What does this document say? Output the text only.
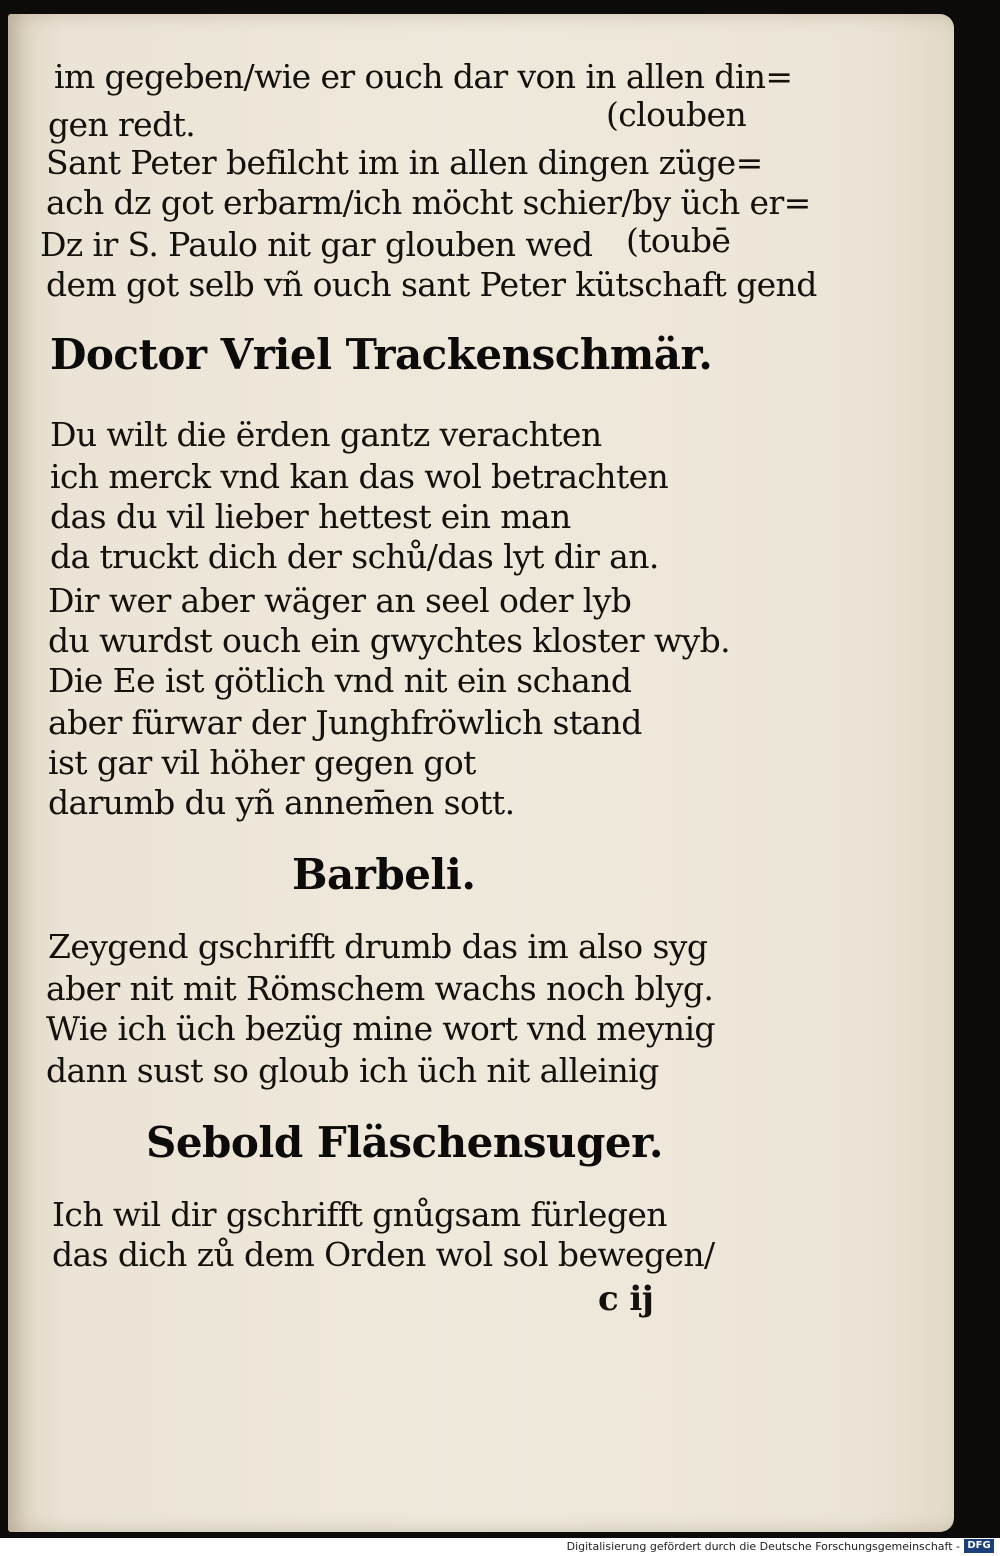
im gegeben/wie er ouch dar von in allen din=
gen redt.	(clouben
Sant Peter befilcht im in allen dingen züge=
ach dz got erbarm/ich möcht schier/by üch er=
Dz ir S. Paulo nit gar glouben wed (toubē
dem got selb vñ ouch sant Peter kütschaft gend
Doctor Vriel Trackenschmär.
Du wilt die ërden gantz verachten
ich merck vnd kan das wol betrachten
das du vil lieber hettest ein man
da truckt dich der schů/das lyt dir an.
Dir wer aber wäger an seel oder lyb
du wurdst ouch ein gwychtes kloster wyb.
Die Ee ist götlich vnd nit ein schand
aber fürwar der Junghfröwlich stand
ist gar vil höher gegen got
darumb du yñ annem̄en sott.
Barbeli.
Zeygend gschrifft drumb das im also syg
aber nit mit Römschem wachs noch blyg.
Wie ich üch bezüg mine wort vnd meynig
dann sust so gloub ich üch nit alleinig
Sebold Fläschensuger.
Ich wil dir gschrifft gnůgsam fürlegen
das dich zů dem Orden wol sol bewegen/
c ij
Digitalisierung gefördert durch die Deutsche Forschungsgemeinschaft - DFG
